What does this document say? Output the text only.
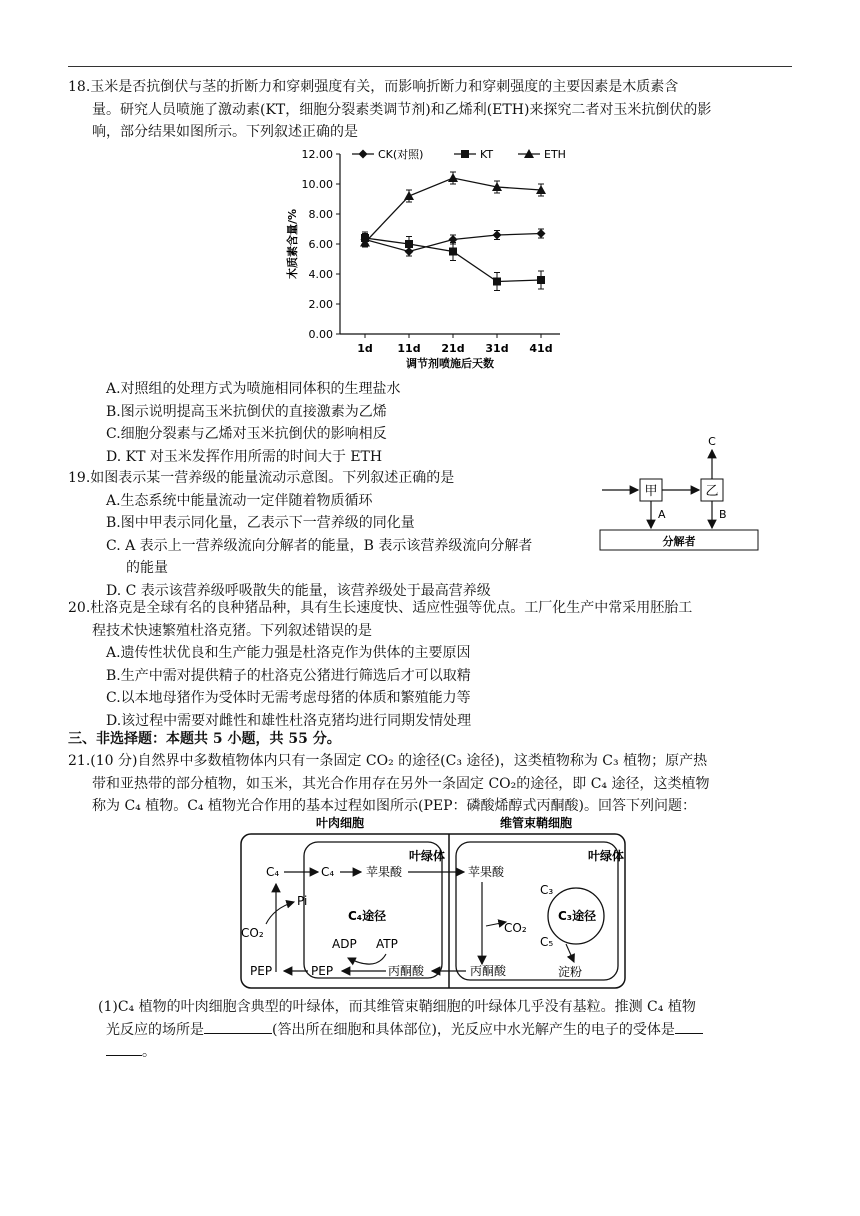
18.玉米是否抗倒伏与茎的折断力和穿刺强度有关，而影响折断力和穿刺强度的主要因素是木质素含
量。研究人员喷施了激动素(KT，细胞分裂素类调节剂)和乙烯利(ETH)来探究二者对玉米抗倒伏的影
响，部分结果如图所示。下列叙述正确的是
0.00
2.00
4.00
6.00
8.00
10.00
12.00
1d 11d 21d 31d 41d
调节剂喷施后天数
木质素含量/%
CK(对照)	KT	ETH
A.对照组的处理方式为喷施相同体积的生理盐水
B.图示说明提高玉米抗倒伏的直接激素为乙烯
C.细胞分裂素与乙烯对玉米抗倒伏的影响相反
D. KT 对玉米发挥作用所需的时间大于 ETH
19.如图表示某一营养级的能量流动示意图。下列叙述正确的是
A.生态系统中能量流动一定伴随着物质循环
B.图中甲表示同化量，乙表示下一营养级的同化量
C. A 表示上一营养级流向分解者的能量，B 表示该营养级流向分解者
的能量
D. C 表示该营养级呼吸散失的能量，该营养级处于最高营养级
甲	乙
C
A	B
分解者
20.杜洛克是全球有名的良种猪品种，具有生长速度快、适应性强等优点。工厂化生产中常采用胚胎工
程技术快速繁殖杜洛克猪。下列叙述错误的是
A.遗传性状优良和生产能力强是杜洛克作为供体的主要原因
B.生产中需对提供精子的杜洛克公猪进行筛选后才可以取精
C.以本地母猪作为受体时无需考虑母猪的体质和繁殖能力等
D.该过程中需要对雌性和雄性杜洛克猪均进行同期发情处理
三、非选择题：本题共 5 小题，共 55 分。
21.(10 分)自然界中多数植物体内只有一条固定 CO₂ 的途径(C₃ 途径)，这类植物称为 C₃ 植物；原产热
带和亚热带的部分植物，如玉米，其光合作用存在另外一条固定 CO₂的途径，即 C₄ 途径，这类植物
称为 C₄ 植物。C₄ 植物光合作用的基本过程如图所示(PEP：磷酸烯醇式丙酮酸)。回答下列问题：
叶肉细胞	维管束鞘细胞
叶绿体	叶绿体
C₄	C₄	苹果酸	苹果酸
Pi
CO₂
C₄途径
ADP ATP
PEP	PEP	丙酮酸	丙酮酸
CO₂
C₃
C₅
C₃途径
淀粉
(1)C₄ 植物的叶肉细胞含典型的叶绿体，而其维管束鞘细胞的叶绿体几乎没有基粒。推测 C₄ 植物
光反应的场所是	(答出所在细胞和具体部位)，光反应中水光解产生的电子的受体是
。
